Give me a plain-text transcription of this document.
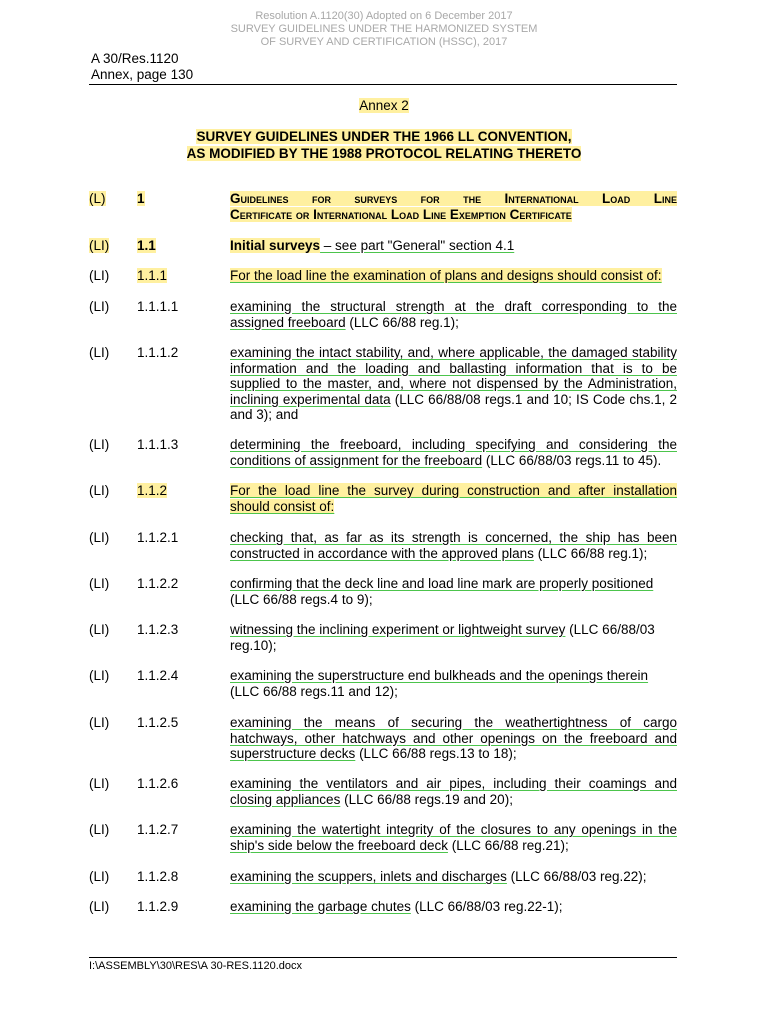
Resolution A.1120(30) Adopted on 6 December 2017
SURVEY GUIDELINES UNDER THE HARMONIZED SYSTEM
OF SURVEY AND CERTIFICATION (HSSC), 2017
A 30/Res.1120
Annex, page 130
Annex 2
SURVEY GUIDELINES UNDER THE 1966 LL CONVENTION,
AS MODIFIED BY THE 1988 PROTOCOL RELATING THERETO
(L) 1	Guidelines for surveys for the International Load Line
Certificate or International Load Line Exemption Certificate
(LI) 1.1	Initial surveys – see part "General" section 4.1
(LI) 1.1.1	For the load line the examination of plans and designs should consist of:
(LI) 1.1.1.1	examining the structural strength at the draft corresponding to the assigned freeboard (LLC 66/88 reg.1);
(LI) 1.1.1.2	examining the intact stability, and, where applicable, the damaged stability information and the loading and ballasting information that is to be supplied to the master, and, where not dispensed by the Administration, inclining experimental data (LLC 66/88/08 regs.1 and 10; IS Code chs.1, 2 and 3); and
(LI) 1.1.1.3	determining the freeboard, including specifying and considering the conditions of assignment for the freeboard (LLC 66/88/03 regs.11 to 45).
(LI) 1.1.2	For the load line the survey during construction and after installation should consist of:
(LI) 1.1.2.1	checking that, as far as its strength is concerned, the ship has been constructed in accordance with the approved plans (LLC 66/88 reg.1);
(LI) 1.1.2.2	confirming that the deck line and load line mark are properly positioned (LLC 66/88 regs.4 to 9);
(LI) 1.1.2.3	witnessing the inclining experiment or lightweight survey (LLC 66/88/03 reg.10);
(LI) 1.1.2.4	examining the superstructure end bulkheads and the openings therein (LLC 66/88 regs.11 and 12);
(LI) 1.1.2.5	examining the means of securing the weathertightness of cargo hatchways, other hatchways and other openings on the freeboard and superstructure decks (LLC 66/88 regs.13 to 18);
(LI) 1.1.2.6	examining the ventilators and air pipes, including their coamings and closing appliances (LLC 66/88 regs.19 and 20);
(LI) 1.1.2.7	examining the watertight integrity of the closures to any openings in the ship's side below the freeboard deck (LLC 66/88 reg.21);
(LI) 1.1.2.8	examining the scuppers, inlets and discharges (LLC 66/88/03 reg.22);
(LI) 1.1.2.9	examining the garbage chutes (LLC 66/88/03 reg.22-1);
I:\ASSEMBLY\30\RES\A 30-RES.1120.docx
